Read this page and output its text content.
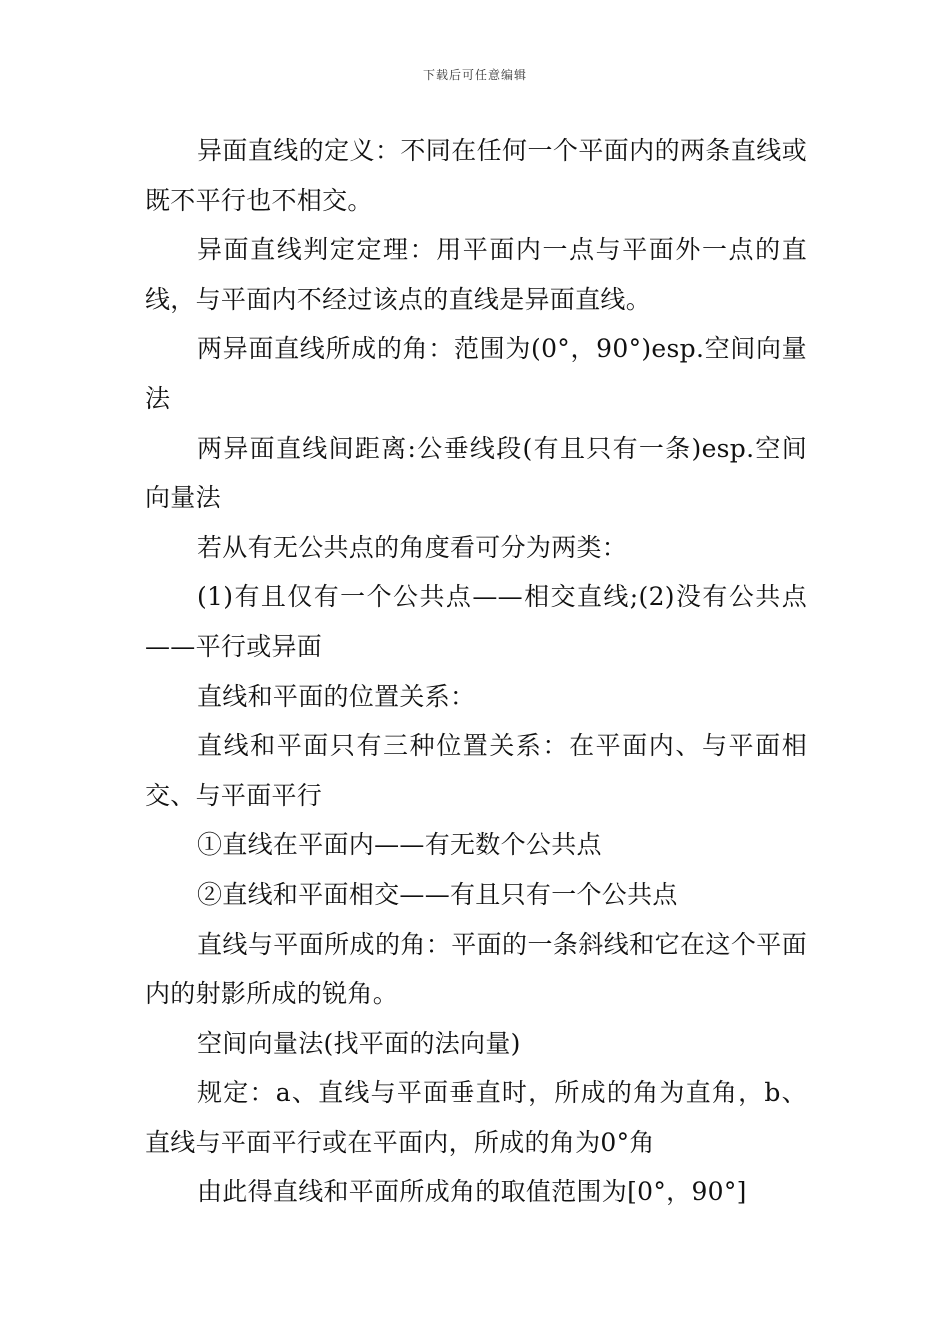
下载后可任意编辑

异面直线的定义：不同在任何一个平面内的两条直线或既不平行也不相交。

异面直线判定定理：用平面内一点与平面外一点的直线，与平面内不经过该点的直线是异面直线。

两异面直线所成的角：范围为(0°，90°)esp.空间向量法

两异面直线间距离:公垂线段(有且只有一条)esp.空间向量法

若从有无公共点的角度看可分为两类：

(1)有且仅有一个公共点——相交直线;(2)没有公共点——平行或异面

直线和平面的位置关系：

直线和平面只有三种位置关系：在平面内、与平面相交、与平面平行

①直线在平面内——有无数个公共点

②直线和平面相交——有且只有一个公共点

直线与平面所成的角：平面的一条斜线和它在这个平面内的射影所成的锐角。

空间向量法(找平面的法向量)

规定：a、直线与平面垂直时，所成的角为直角，b、直线与平面平行或在平面内，所成的角为0°角

由此得直线和平面所成角的取值范围为[0°，90°]
